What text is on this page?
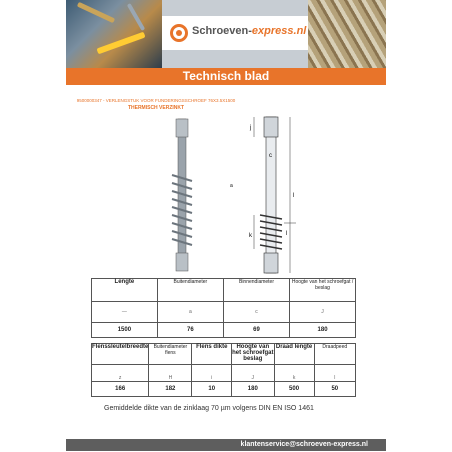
Schroeven-express.nl
Technisch blad
9500000347 - VERLENGSTUK VOOR FUNDERINGSSCHROEF 76X3.5X1500
THERMISCH VERZINKT
j
c
a
l
k	l
Lengte	Buitendiameter	Binnendiameter	Hoogte van het schroefgat / beslag
—	a	c	J
1500	76	69	180
Flenssleutelbreedte	Buitendiameter flens	Flens dikte	Hoogte van het schroefgat beslag	Draad lengte	Draadpeed
z	H	i	J	k	l
166	182	10	180	500	50
Gemiddelde dikte van de zinklaag 70 µm volgens DIN EN ISO 1461
klantenservice@schroeven-express.nl
